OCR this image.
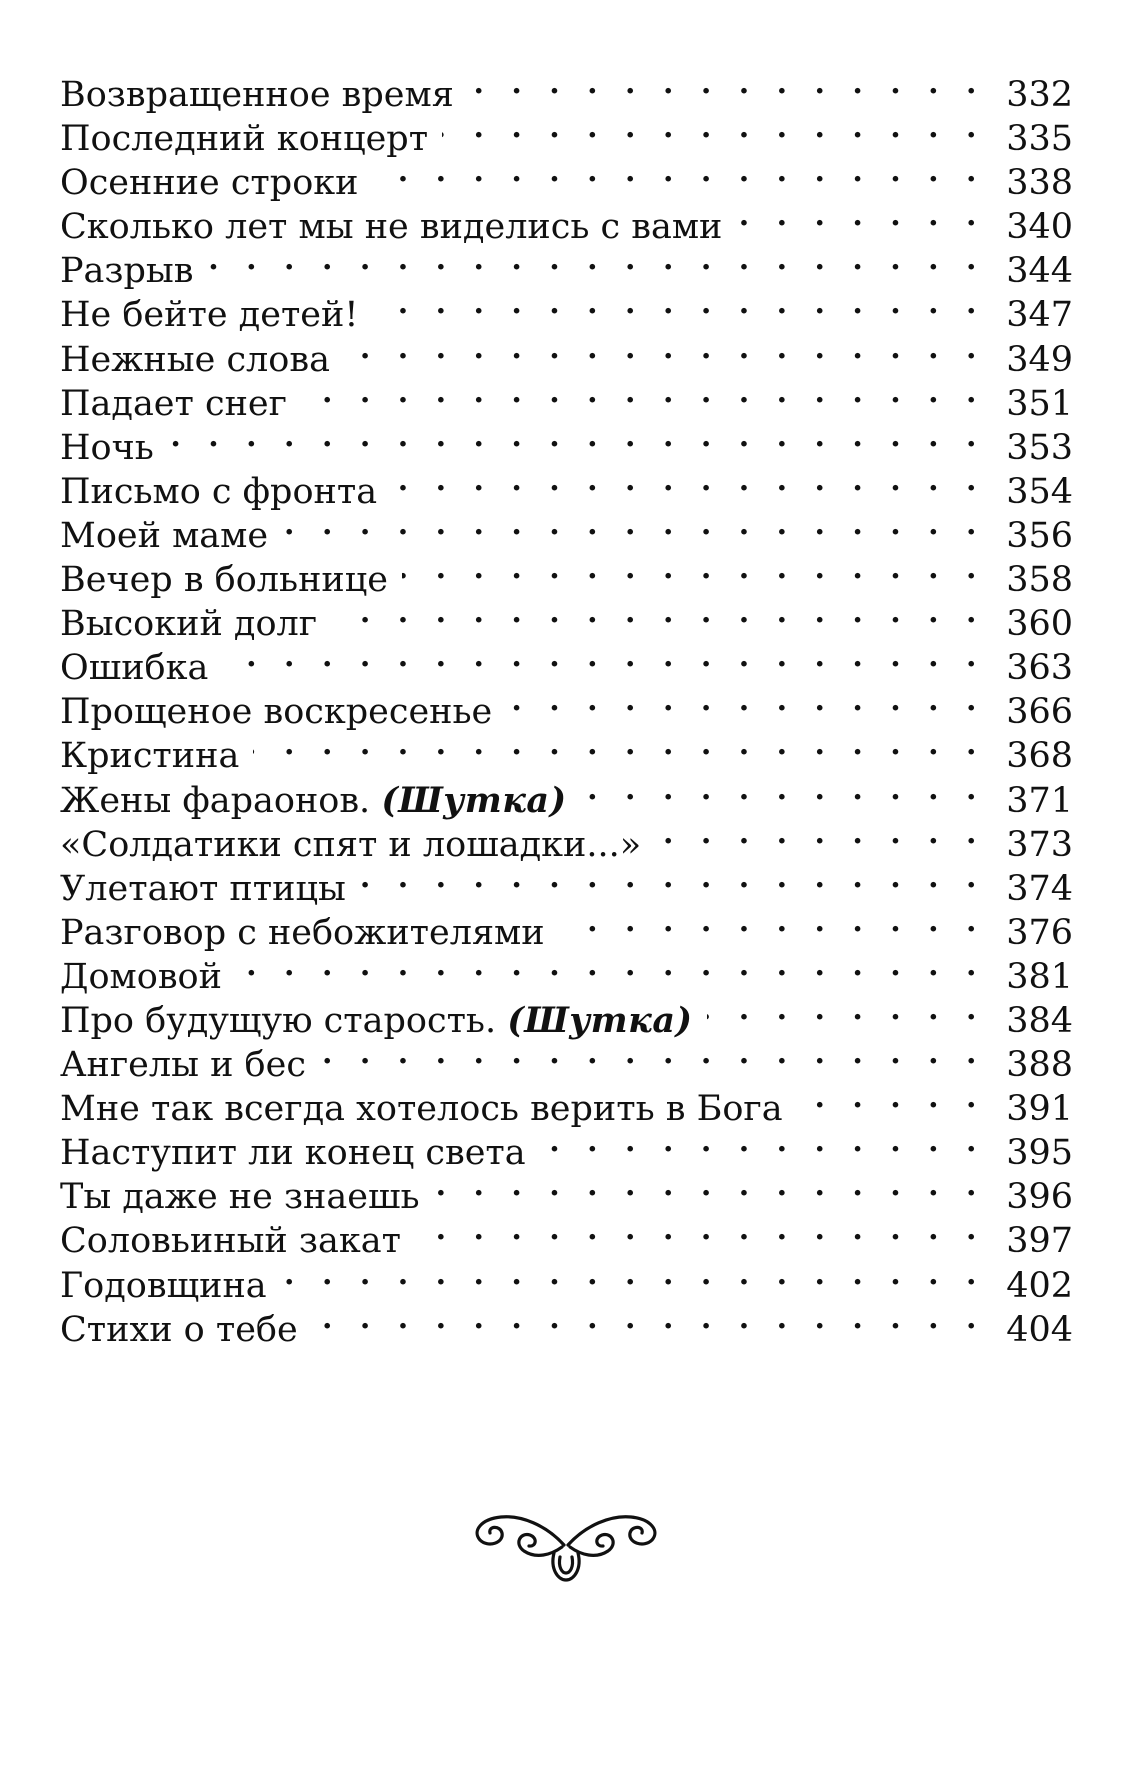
Возвращенное время . . .	332
Последний концерт . . .	335
Осенние строки . . .	338
Сколько лет мы не виделись с вами . . .	340
Разрыв . . .	344
Не бейте детей! . . .	347
Нежные слова . . .	349
Падает снег . . .	351
Ночь . . .	353
Письмо с фронта . . .	354
Моей маме . . .	356
Вечер в больнице . . .	358
Высокий долг . . .	360
Ошибка . . .	363
Прощеное воскресенье . . .	366
Кристина . . .	368
Жены фараонов. (Шутка) . . .	371
«Солдатики спят и лошадки...» . . .	373
Улетают птицы . . .	374
Разговор с небожителями . . .	376
Домовой . . .	381
Про будущую старость. (Шутка) . . .	384
Ангелы и бес . . .	388
Мне так всегда хотелось верить в Бога . . .	391
Наступит ли конец света . . .	395
Ты даже не знаешь . . .	396
Соловьиный закат . . .	397
Годовщина . . .	402
Стихи о тебе . . .	404
